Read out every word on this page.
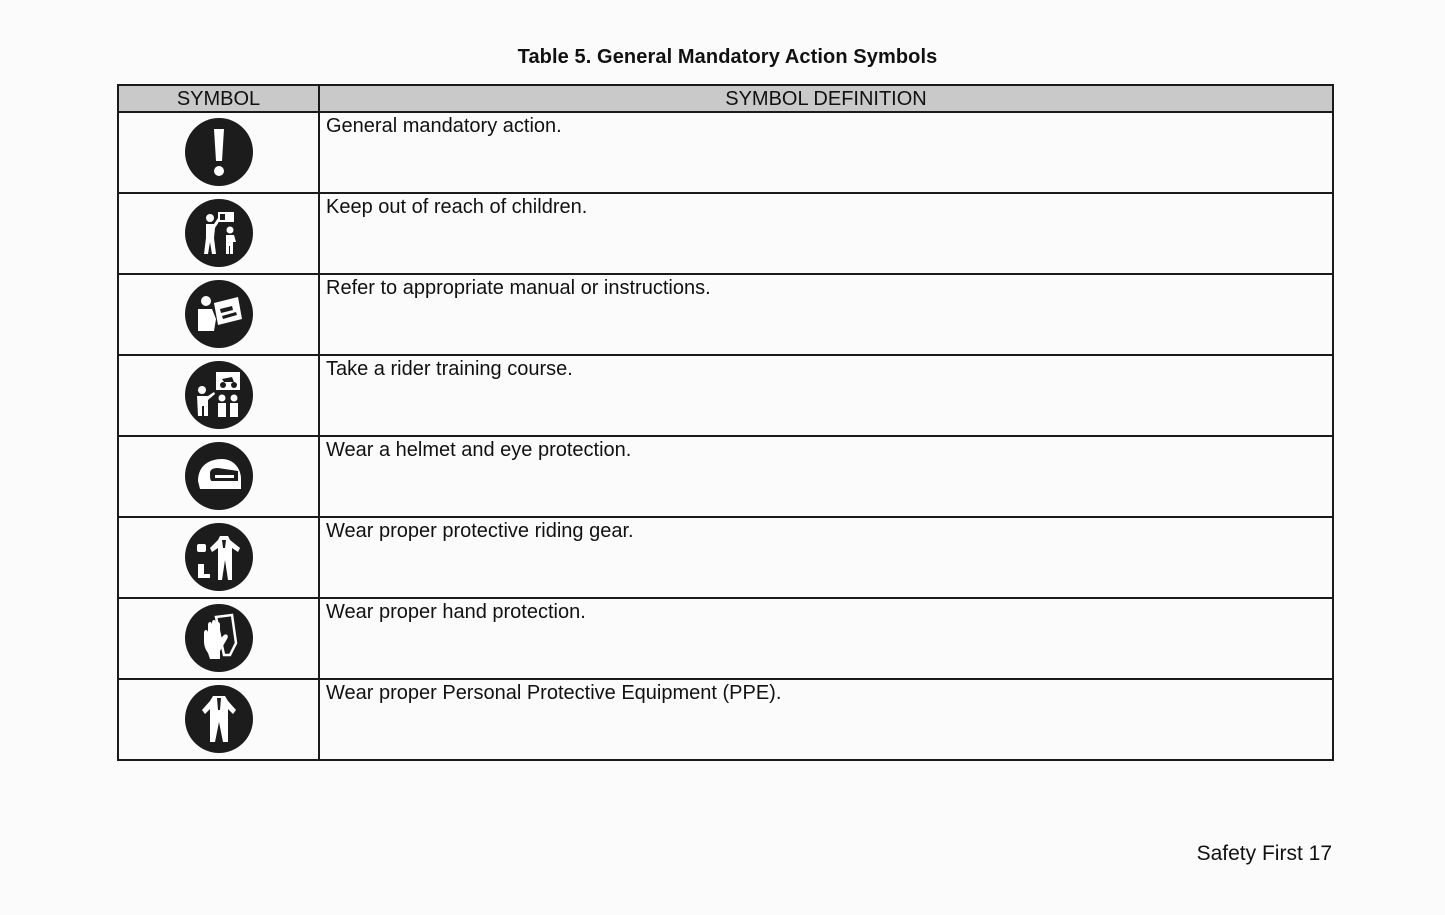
Table 5. General Mandatory Action Symbols
SYMBOL	SYMBOL DEFINITION

	General mandatory action.

	Keep out of reach of children.

	Refer to appropriate manual or instructions.

	Take a rider training course.

	Wear a helmet and eye protection.

	Wear proper protective riding gear.

	Wear proper hand protection.

	Wear proper Personal Protective Equipment (PPE).
Safety First 17
